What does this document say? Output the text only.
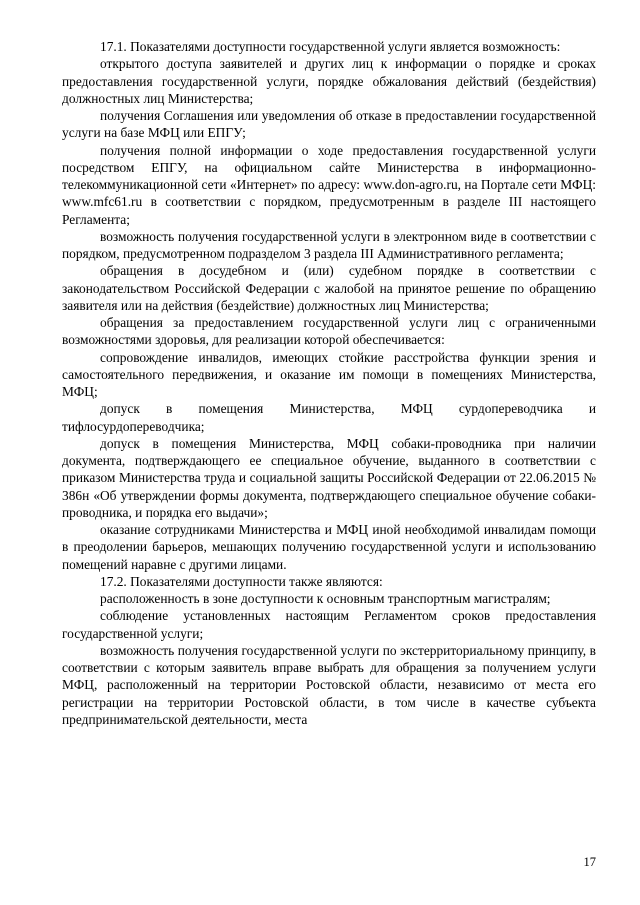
17.1. Показателями доступности государственной услуги является возможность:

открытого доступа заявителей и других лиц к информации о порядке и сроках предоставления государственной услуги, порядке обжалования действий (бездействия) должностных лиц Министерства;

получения Соглашения или уведомления об отказе в предоставлении государственной услуги на базе МФЦ или ЕПГУ;

получения полной информации о ходе предоставления государственной услуги посредством ЕПГУ, на официальном сайте Министерства в информационно-телекоммуникационной сети «Интернет» по адресу: www.don-agro.ru, на Портале сети МФЦ: www.mfc61.ru в соответствии с порядком, предусмотренным в разделе III настоящего Регламента;

возможность получения государственной услуги в электронном виде в соответствии с порядком, предусмотренном подразделом 3 раздела III Административного регламента;

обращения в досудебном и (или) судебном порядке в соответствии с законодательством Российской Федерации с жалобой на принятое решение по обращению заявителя или на действия (бездействие) должностных лиц Министерства;

обращения за предоставлением государственной услуги лиц с ограниченными возможностями здоровья, для реализации которой обеспечивается:

сопровождение инвалидов, имеющих стойкие расстройства функции зрения и самостоятельного передвижения, и оказание им помощи в помещениях Министерства, МФЦ;

допуск в помещения Министерства, МФЦ сурдопереводчика и тифлосурдопереводчика;

допуск в помещения Министерства, МФЦ собаки-проводника при наличии документа, подтверждающего ее специальное обучение, выданного в соответствии с приказом Министерства труда и социальной защиты Российской Федерации от 22.06.2015 № 386н «Об утверждении формы документа, подтверждающего специальное обучение собаки-проводника, и порядка его выдачи»;

оказание сотрудниками Министерства и МФЦ иной необходимой инвалидам помощи в преодолении барьеров, мешающих получению государственной услуги и использованию помещений наравне с другими лицами.

17.2. Показателями доступности также являются:

расположенность в зоне доступности к основным транспортным магистралям;

соблюдение установленных настоящим Регламентом сроков предоставления государственной услуги;

возможность получения государственной услуги по экстерриториальному принципу, в соответствии с которым заявитель вправе выбрать для обращения за получением услуги МФЦ, расположенный на территории Ростовской области, независимо от места его регистрации на территории Ростовской области, в том числе в качестве субъекта предпринимательской деятельности, места

17
